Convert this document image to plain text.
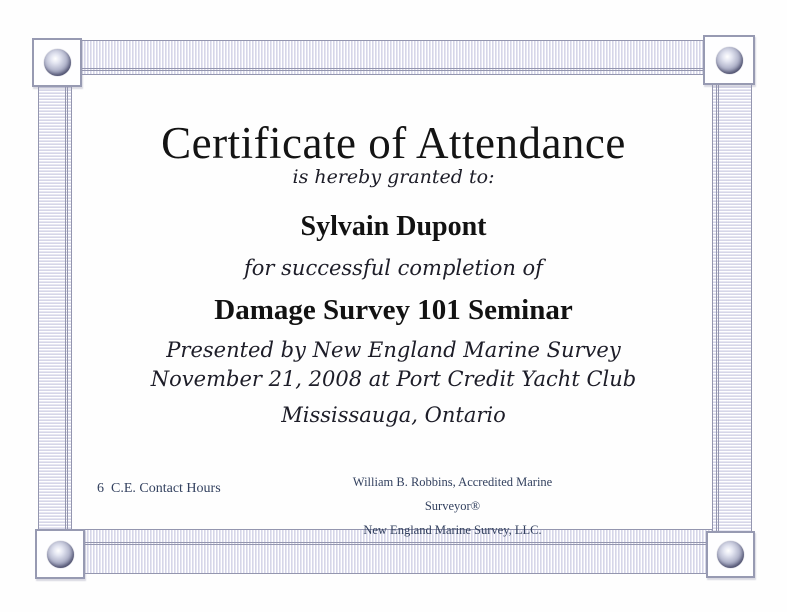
Certificate of Attendance
is hereby granted to:
Sylvain Dupont
for successful completion of
Damage Survey 101 Seminar
Presented by New England Marine Survey
November 21, 2008 at Port Credit Yacht Club
Mississauga, Ontario
6  C.E. Contact Hours	William B. Robbins, Accredited Marine Surveyor®
New England Marine Survey, LLC.
